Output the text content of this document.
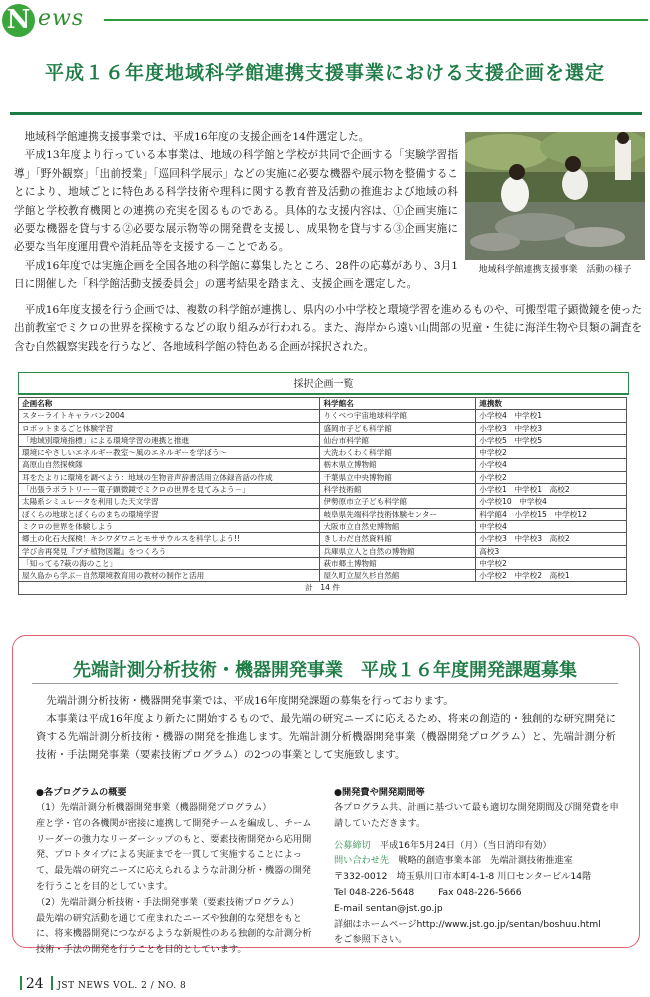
N ews
平成１６年度地域科学館連携支援事業における支援企画を選定

地域科学館連携支援事業では、平成16年度の支援企画を14件選定した。

平成13年度より行っている本事業は、地域の科学館と学校が共同で企画する「実験学習指導」「野外観察」「出前授業」「巡回科学展示」などの実施に必要な機器や展示物を整備することにより、地域ごとに特色ある科学技術や理科に関する教育普及活動の推進および地域の科学館と学校教育機関との連携の充実を図るものである。具体的な支援内容は、①企画実施に必要な機器を貸与する②必要な展示物等の開発費を支援し、成果物を貸与する③企画実施に必要な当年度運用費や消耗品等を支援する－ことである。

平成16年度では実施企画を全国各地の科学館に募集したところ、28件の応募があり、3月1日に開催した「科学館活動支援委員会」の選考結果を踏まえ、支援企画を選定した。

地域科学館連携支援事業　活動の様子

平成16年度支援を行う企画では、複数の科学館が連携し、県内の小中学校と環境学習を進めるものや、可搬型電子顕微鏡を使った出前教室でミクロの世界を探検するなどの取り組みが行われる。また、海岸から遠い山間部の児童・生徒に海洋生物や貝類の調査を含む自然観察実践を行うなど、各地域科学館の特色ある企画が採択された。

採択企画一覧
企画名称	科学館名	連携数
スターライトキャラバン2004	りくべつ宇宙地球科学館	小学校4　中学校1
ロボットまるごと体験学習	盛岡市子ども科学館	小学校3　中学校3
「地域別環境指標」による環境学習の連携と推進	仙台市科学館	小学校5　中学校5
環境にやさしいエネルギー教室～風のエネルギーを学ぼう～	大洗わくわく科学館	中学校2
高原山自然探検隊	栃木県立博物館	小学校4
耳をたよりに環境を調べよう：地域の生物音声辞書活用立体録音話の作成	千葉県立中央博物館	小学校2
「出張ラボラトリー－電子顕微鏡でミクロの世界を見てみよう－」	科学技術館	小学校1　中学校1　高校2
太陽系シミュレータを利用した天文学習	伊勢原市立子ども科学館	小学校10　中学校4
ぼくらの地球とぼくらのまちの環境学習	岐阜県先端科学技術体験センター	科学館4　小学校15　中学校12
ミクロの世界を体験しよう	大阪市立自然史博物館	中学校4
郷土の化石大探検！キシワダワニとモササウルスを科学しよう!!	きしわだ自然資料館	小学校3　中学校3　高校2
学び舎再発見『プチ植物図鑑』をつくろう	兵庫県立人と自然の博物館	高校3
「知ってる?萩の海のこと」	萩市郷土博物館	中学校2
屋久島から学ぶ－自然環境教育用の教材の制作と活用	屋久町立屋久杉自然館	小学校2　中学校2　高校1
計　14 件		
先端計測分析技術・機器開発事業　平成１６年度開発課題募集

先端計測分析技術・機器開発事業では、平成16年度開発課題の募集を行っております。

本事業は平成16年度より新たに開始するもので、最先端の研究ニーズに応えるため、将来の創造的・独創的な研究開発に資する先端計測分析技術・機器の開発を推進します。先端計測分析機器開発事業（機器開発プログラム）と、先端計測分析技術・手法開発事業（要素技術プログラム）の2つの事業として実施致します。

●各プログラムの概要

（1）先端計測分析機器開発事業（機器開発プログラム）

産と学・官の各機関が密接に連携して開発チームを編成し、チームリーダーの強力なリーダーシップのもと、要素技術開発から応用開発、プロトタイプによる実証までを一貫して実施することによって、最先端の研究ニーズに応えられるような計測分析・機器の開発を行うことを目的としています。

（2）先端計測分析技術・手法開発事業（要素技術プログラム）

最先端の研究活動を通じて産まれたニーズや独創的な発想をもとに、将来機器開発につながるような新規性のある独創的な計測分析技術・手法の開発を行うことを目的としています。

●開発費や開発期間等

各プログラム共、計画に基づいて最も適切な開発期間及び開発費を申請していただきます。

公募締切　 平成16年5月24日（月）（当日消印有効）

問い合わせ先　 戦略的創造事業本部　先端計測技術推進室

〒332-0012　埼玉県川口市本町4-1-8 川口センタービル14階

Tel 048-226-5648	Fax 048-226-5666

E-mail sentan@jst.go.jp

詳細はホームページhttp://www.jst.go.jp/sentan/boshuu.html

をご参照下さい。

24 JST NEWS VOL. 2 / NO. 8
